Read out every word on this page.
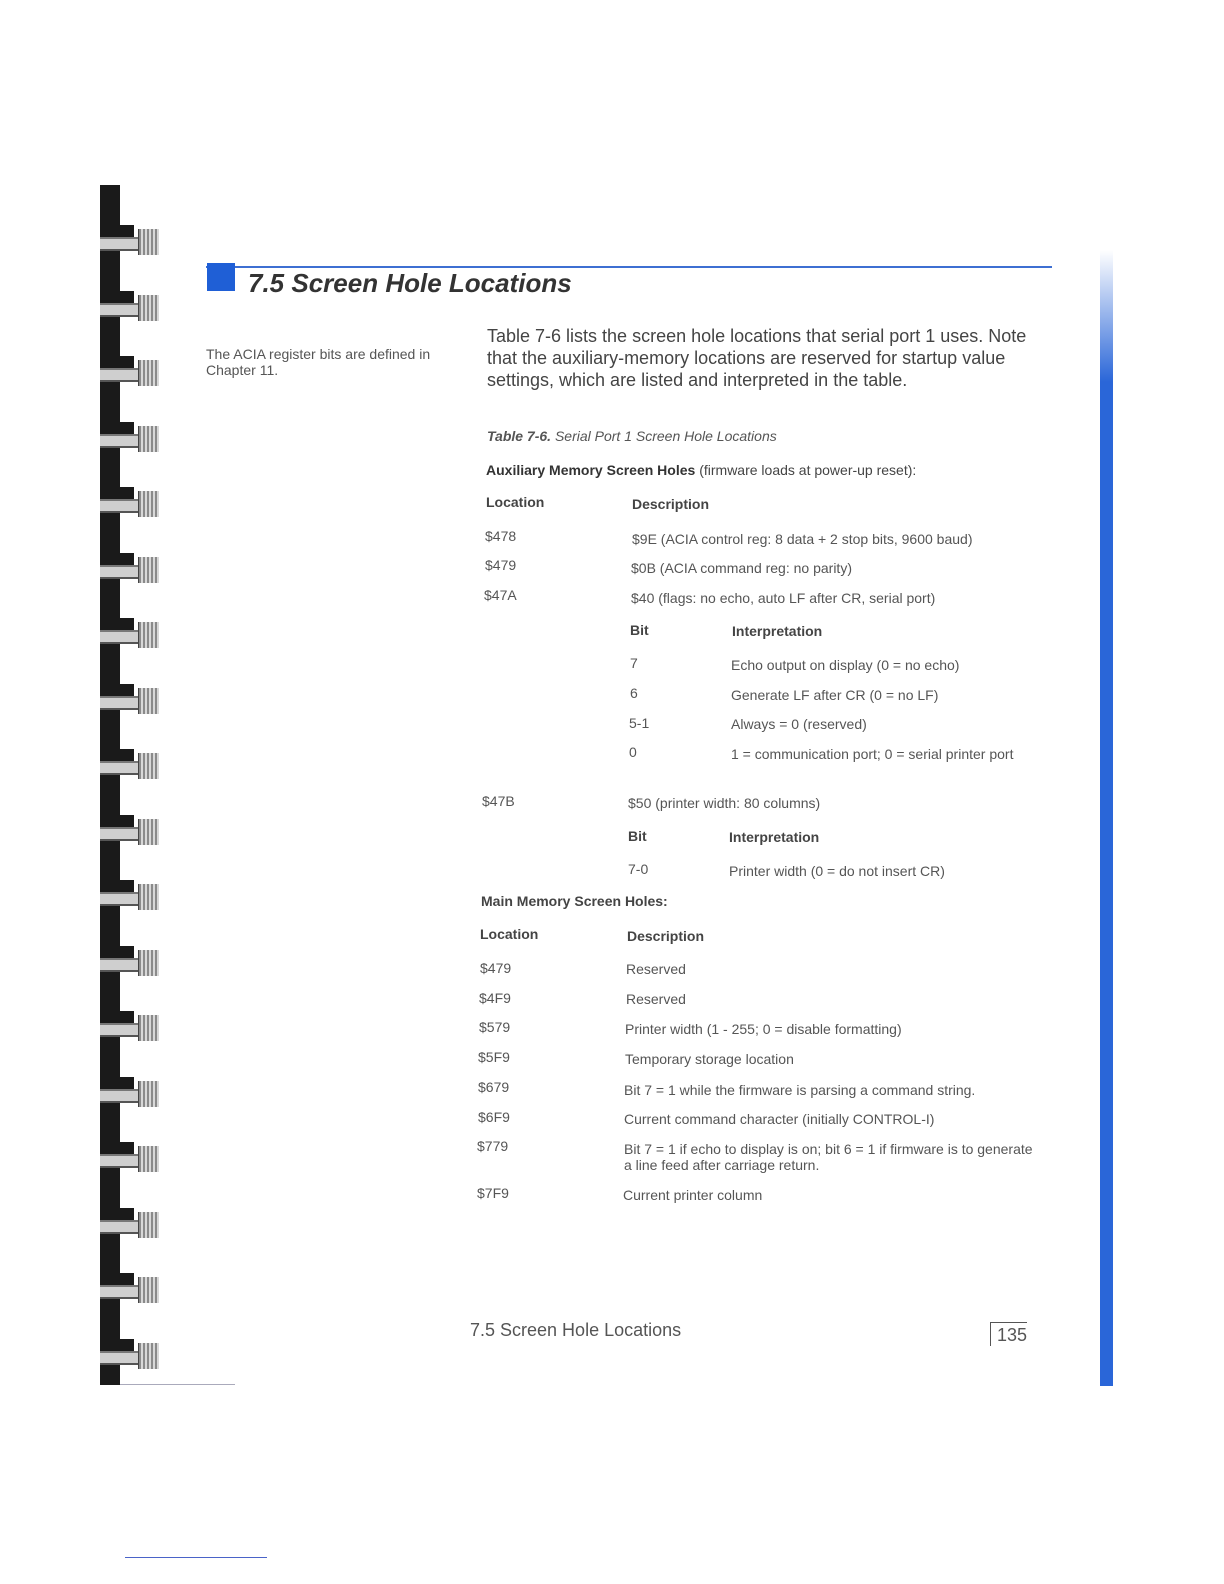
7.5 Screen Hole Locations
The ACIA register bits are defined in Chapter 11.
Table 7-6 lists the screen hole locations that serial port 1 uses. Note that the auxiliary-memory locations are reserved for startup value settings, which are listed and interpreted in the table.
Table 7-6. Serial Port 1 Screen Hole Locations
Auxiliary Memory Screen Holes (firmware loads at power-up reset):
Location	Description
$478	$9E (ACIA control reg: 8 data + 2 stop bits, 9600 baud)
$479	$0B (ACIA command reg: no parity)
$47A	$40 (flags: no echo, auto LF after CR, serial port)
Bit	Interpretation
7	Echo output on display (0 = no echo)
6	Generate LF after CR (0 = no LF)
5-1	Always = 0 (reserved)
0	1 = communication port; 0 = serial printer port
$47B	$50 (printer width: 80 columns)
Bit	Interpretation
7-0	Printer width (0 = do not insert CR)
Main Memory Screen Holes:
Location	Description
$479	Reserved
$4F9	Reserved
$579	Printer width (1 - 255; 0 = disable formatting)
$5F9	Temporary storage location
$679	Bit 7 = 1 while the firmware is parsing a command string.
$6F9	Current command character (initially CONTROL-I)
$779	Bit 7 = 1 if echo to display is on; bit 6 = 1 if firmware is to generate a line feed after carriage return.
$7F9	Current printer column
7.5 Screen Hole Locations	135
